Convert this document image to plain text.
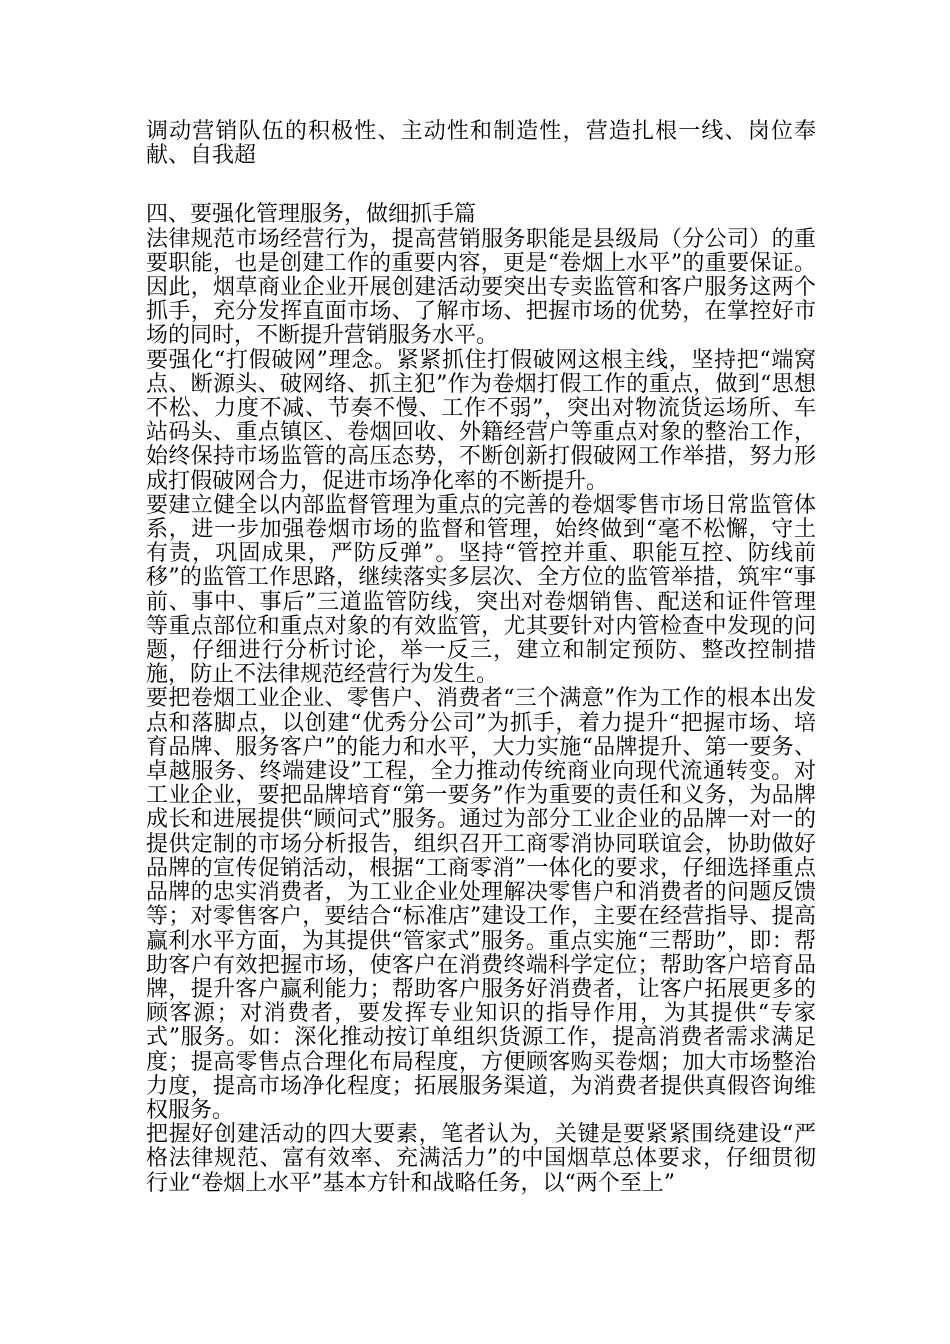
调动营销队伍的积极性、主动性和制造性，营造扎根一线、岗位奉献、自我超

四、要强化管理服务，做细抓手篇

法律规范市场经营行为，提高营销服务职能是县级局（分公司）的重要职能，也是创建工作的重要内容，更是“卷烟上水平”的重要保证。因此，烟草商业企业开展创建活动要突出专卖监管和客户服务这两个抓手，充分发挥直面市场、了解市场、把握市场的优势，在掌控好市场的同时，不断提升营销服务水平。

要强化“打假破网”理念。紧紧抓住打假破网这根主线，坚持把“端窝点、断源头、破网络、抓主犯”作为卷烟打假工作的重点，做到“思想不松、力度不减、节奏不慢、工作不弱”，突出对物流货运场所、车站码头、重点镇区、卷烟回收、外籍经营户等重点对象的整治工作，始终保持市场监管的高压态势，不断创新打假破网工作举措，努力形成打假破网合力，促进市场净化率的不断提升。

要建立健全以内部监督管理为重点的完善的卷烟零售市场日常监管体系，进一步加强卷烟市场的监督和管理，始终做到“毫不松懈，守土有责，巩固成果，严防反弹”。坚持“管控并重、职能互控、防线前移”的监管工作思路，继续落实多层次、全方位的监管举措，筑牢“事前、事中、事后”三道监管防线，突出对卷烟销售、配送和证件管理等重点部位和重点对象的有效监管，尤其要针对内管检查中发现的问题，仔细进行分析讨论，举一反三，建立和制定预防、整改控制措施，防止不法律规范经营行为发生。

要把卷烟工业企业、零售户、消费者“三个满意”作为工作的根本出发点和落脚点，以创建“优秀分公司”为抓手，着力提升“把握市场、培育品牌、服务客户”的能力和水平，大力实施“品牌提升、第一要务、卓越服务、终端建设”工程，全力推动传统商业向现代流通转变。对工业企业，要把品牌培育“第一要务”作为重要的责任和义务，为品牌成长和进展提供“顾问式”服务。通过为部分工业企业的品牌一对一的提供定制的市场分析报告，组织召开工商零消协同联谊会，协助做好品牌的宣传促销活动，根据“工商零消”一体化的要求，仔细选择重点品牌的忠实消费者，为工业企业处理解决零售户和消费者的问题反馈等；对零售客户，要结合“标准店”建设工作，主要在经营指导、提高赢利水平方面，为其提供“管家式”服务。重点实施“三帮助”，即：帮助客户有效把握市场，使客户在消费终端科学定位；帮助客户培育品牌，提升客户赢利能力；帮助客户服务好消费者，让客户拓展更多的顾客源；对消费者，要发挥专业知识的指导作用，为其提供“专家式”服务。如：深化推动按订单组织货源工作，提高消费者需求满足度；提高零售点合理化布局程度，方便顾客购买卷烟；加大市场整治力度，提高市场净化程度；拓展服务渠道，为消费者提供真假咨询维权服务。

把握好创建活动的四大要素，笔者认为，关键是要紧紧围绕建设“严格法律规范、富有效率、充满活力”的中国烟草总体要求，仔细贯彻行业“卷烟上水平”基本方针和战略任务，以“两个至上”
